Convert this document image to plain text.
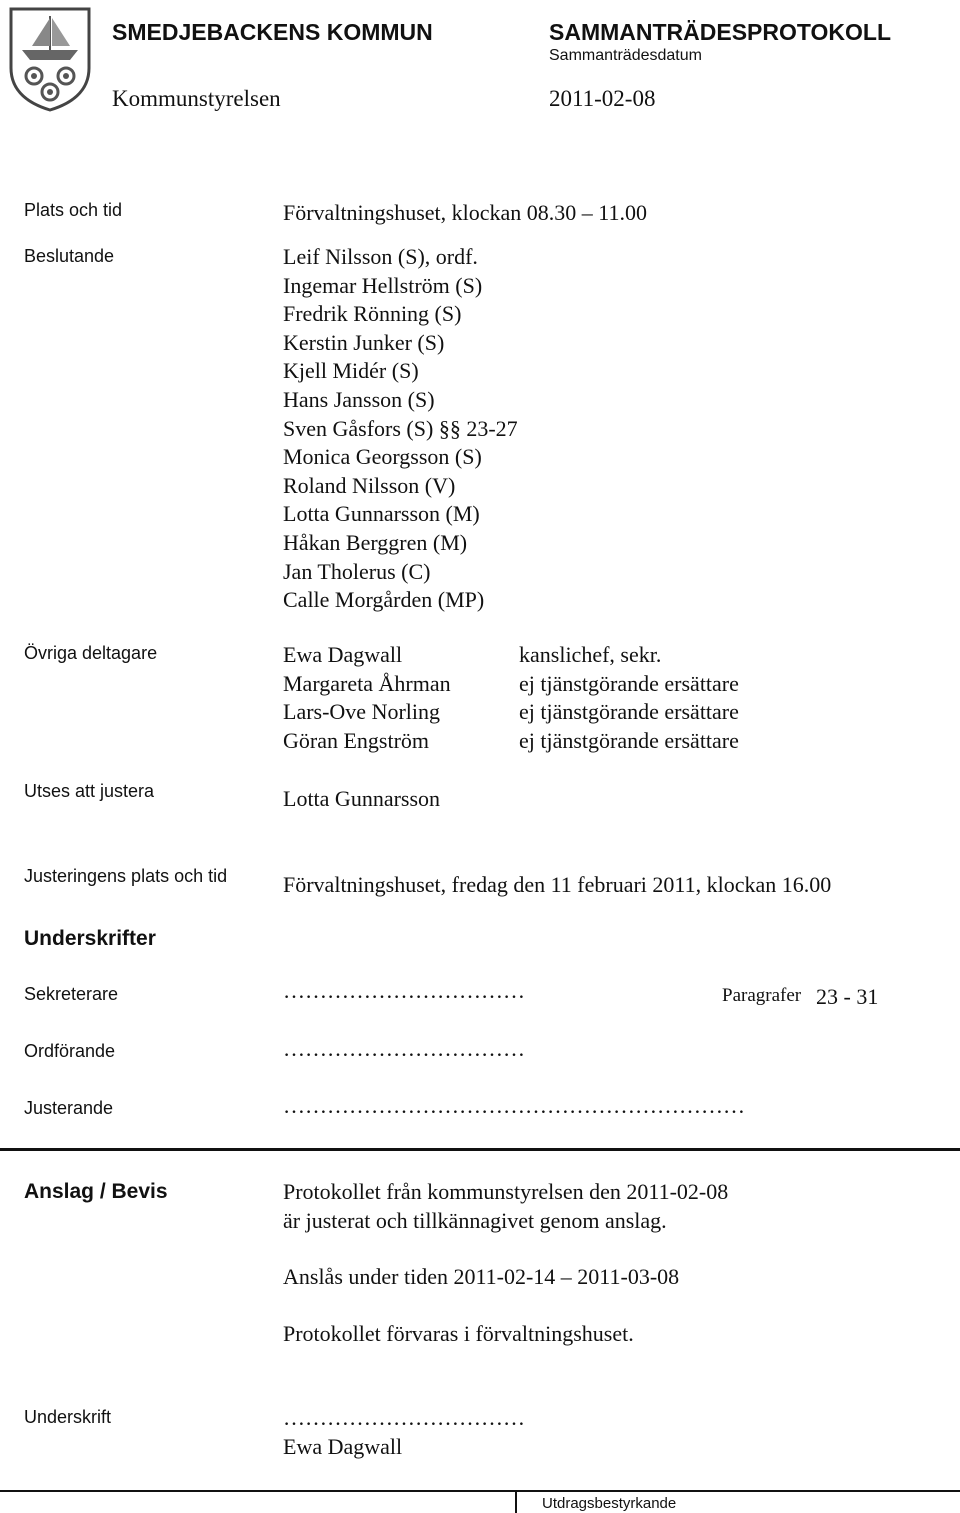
SMEDJEBACKENS KOMMUN	SAMMANTRÄDESPROTOKOLL
Sammanträdesdatum
Kommunstyrelsen	2011-02-08
Plats och tid	Förvaltningshuset, klockan 08.30 – 11.00
Beslutande	Leif Nilsson (S), ordf.
Ingemar Hellström (S)
Fredrik Rönning (S)
Kerstin Junker (S)
Kjell Midér (S)
Hans Jansson (S)
Sven Gåsfors (S) §§ 23-27
Monica Georgsson (S)
Roland Nilsson (V)
Lotta Gunnarsson (M)
Håkan Berggren (M)
Jan Tholerus (C)
Calle Morgården (MP)
Övriga deltagare	Ewa Dagwall	kanslichef, sekr.
Margareta Åhrman	ej tjänstgörande ersättare
Lars-Ove Norling	ej tjänstgörande ersättare
Göran Engström	ej tjänstgörande ersättare
Utses att justera	Lotta Gunnarsson
Justeringens plats och tid	Förvaltningshuset, fredag den 11 februari 2011, klockan 16.00
Underskrifter
Sekreterare	……………………………	Paragrafer 23 - 31
Ordförande	……………………………
Justerande	………………………………………………………
Anslag / Bevis	Protokollet från kommunstyrelsen den 2011-02-08
är justerat och tillkännagivet genom anslag.
Anslås under tiden 2011-02-14 – 2011-03-08
Protokollet förvaras i förvaltningshuset.
Underskrift	……………………………
Ewa Dagwall
Utdragsbestyrkande
